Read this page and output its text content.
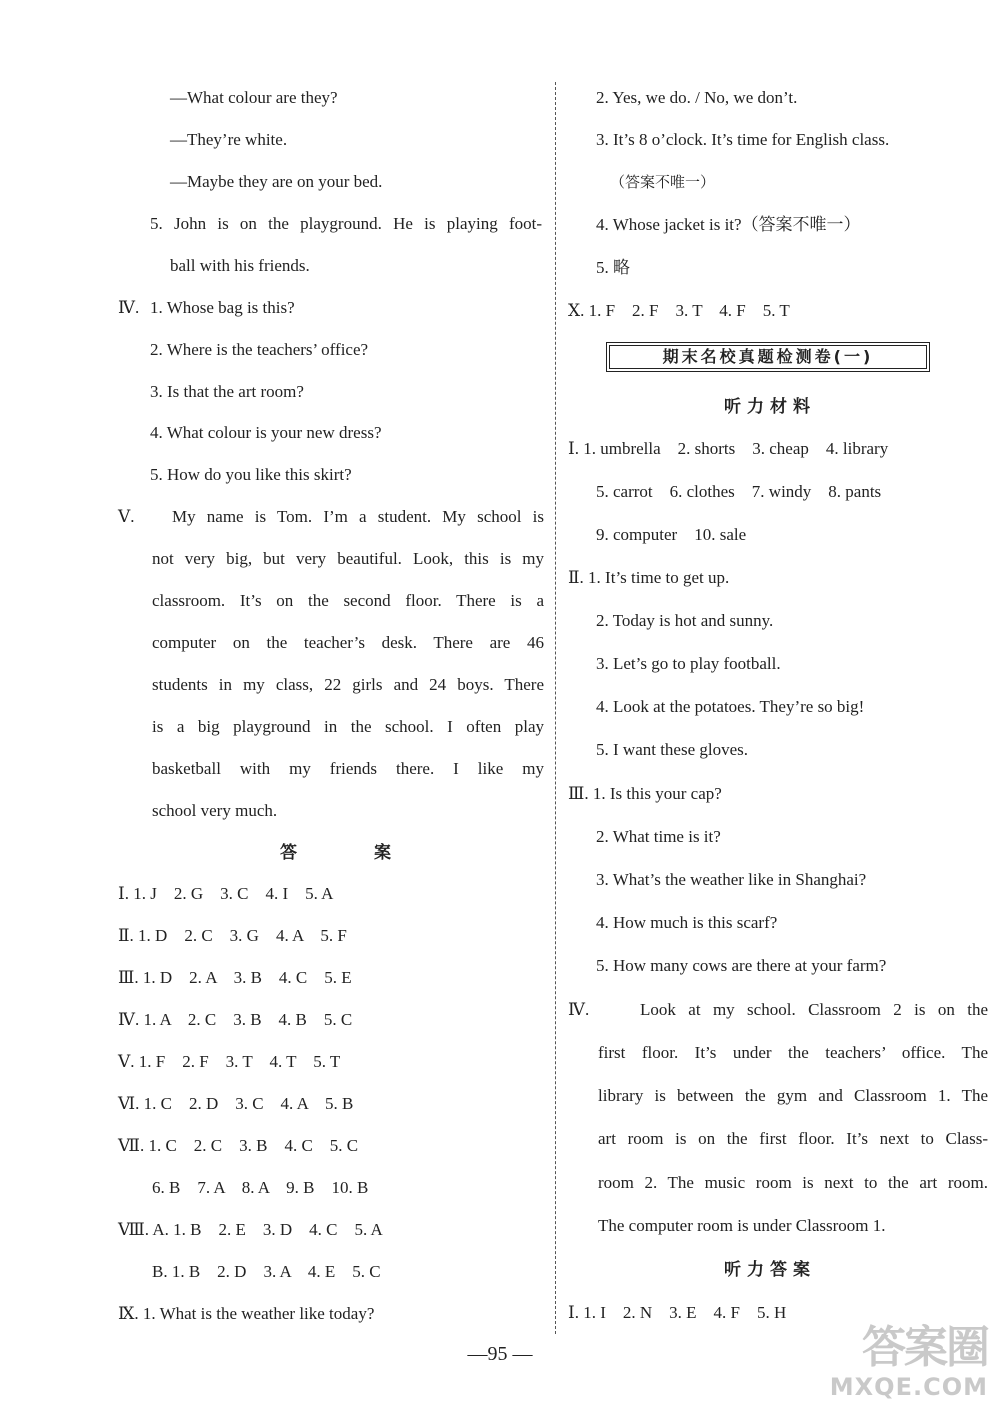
—What colour are they?
—They’re white.
—Maybe they are on your bed.
5. John is on the playground. He is playing foot-
ball with his friends.
Ⅳ. 1. Whose bag is this?
2. Where is the teachers’ office?
3. Is that the art room?
4. What colour is your new dress?
5. How do you like this skirt?
Ⅴ. My name is Tom. I’m a student. My school is
not very big, but very beautiful. Look, this is my
classroom. It’s on the second floor. There is a
computer on the teacher’s desk. There are 46
students in my class, 22 girls and 24 boys. There
is a big playground in the school. I often play
basketball with my friends there. I like my
school very much.
答　案
Ⅰ. 1. J　2. G　3. C　4. I　5. A
Ⅱ. 1. D　2. C　3. G　4. A　5. F
Ⅲ. 1. D　2. A　3. B　4. C　5. E
Ⅳ. 1. A　2. C　3. B　4. B　5. C
Ⅴ. 1. F　2. F　3. T　4. T　5. T
Ⅵ. 1. C　2. D　3. C　4. A　5. B
Ⅶ. 1. C　2. C　3. B　4. C　5. C
6. B　7. A　8. A　9. B　10. B
Ⅷ. A. 1. B　2. E　3. D　4. C　5. A
B. 1. B　2. D　3. A　4. E　5. C
Ⅸ. 1. What is the weather like today?
2. Yes, we do. / No, we don’t.
3. It’s 8 o’clock. It’s time for English class.
（答案不唯一）
4. Whose jacket is it?（答案不唯一）
5. 略
Ⅹ. 1. F　2. F　3. T　4. F　5. T
期末名校真题检测卷(一)
听力材料
Ⅰ. 1. umbrella　2. shorts　3. cheap　4. library
5. carrot　6. clothes　7. windy　8. pants
9. computer　10. sale
Ⅱ. 1. It’s time to get up.
2. Today is hot and sunny.
3. Let’s go to play football.
4. Look at the potatoes. They’re so big!
5. I want these gloves.
Ⅲ. 1. Is this your cap?
2. What time is it?
3. What’s the weather like in Shanghai?
4. How much is this scarf?
5. How many cows are there at your farm?
Ⅳ.	Look at my school. Classroom 2 is on the
first floor. It’s under the teachers’ office. The
library is between the gym and Classroom 1. The
art room is on the first floor. It’s next to Class-
room 2. The music room is next to the art room.
The computer room is under Classroom 1.
听力答案
Ⅰ. 1. I　2. N　3. E　4. F　5. H
—95 —	答案圈
MXQE.COM
